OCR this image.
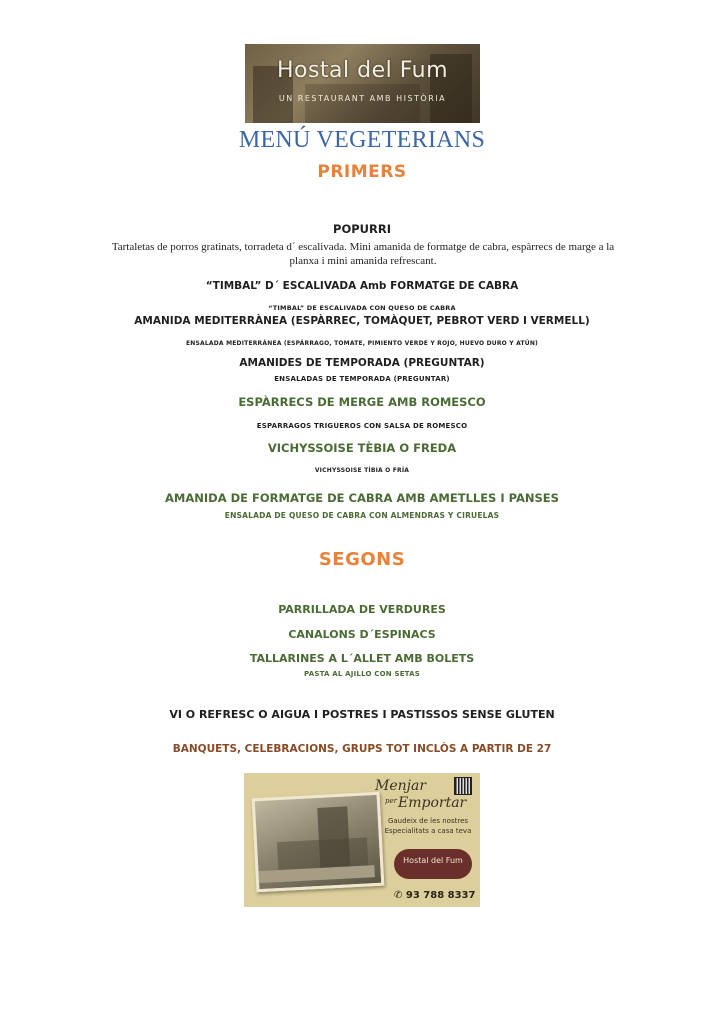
Hostal del Fum
UN RESTAURANT AMB HISTÒRIA
MENÚ VEGETERIANS
PRIMERS
POPURRI
Tartaletas de porros gratinats, torradeta d´ escalivada. Mini amanida de formatge de cabra, espàrrecs de marge a la planxa i mini amanida refrescant.
“TIMBAL” D´ ESCALIVADA Amb FORMATGE DE CABRA
“TIMBAL” DE ESCALIVADA CON QUESO DE CABRA
AMANIDA MEDITERRÀNEA (ESPÀRREC, TOMÀQUET, PEBROT VERD I VERMELL)
ENSALADA MEDITERRÁNEA (ESPÁRRAGO, TOMATE, PIMIENTO VERDE Y ROJO, HUEVO DURO Y ATÚN)
AMANIDES DE TEMPORADA (PREGUNTAR)
ENSALADAS DE TEMPORADA (PREGUNTAR)
ESPÀRRECS DE MERGE AMB ROMESCO
ESPARRAGOS TRIGUEROS CON SALSA DE ROMESCO
VICHYSSOISE TÈBIA O FREDA
VICHYSSOISE TÍBIA O FRÍA
AMANIDA DE FORMATGE DE CABRA AMB AMETLLES I PANSES
ENSALADA DE QUESO DE CABRA CON ALMENDRAS Y CIRUELAS
SEGONS
PARRILLADA DE VERDURES
CANALONS D´ESPINACS
TALLARINES A L´ALLET AMB BOLETS
PASTA AL AJILLO CON SETAS
VI O REFRESC O AIGUA I POSTRES I PASTISSOS SENSE GLUTEN
BANQUETS, CELEBRACIONS, GRUPS TOT INCLÒS A PARTIR DE 27
Menjar
per Emportar
Gaudeix de les nostres
Especialitats a casa teva
Hostal del Fum
✆ 93 788 8337
